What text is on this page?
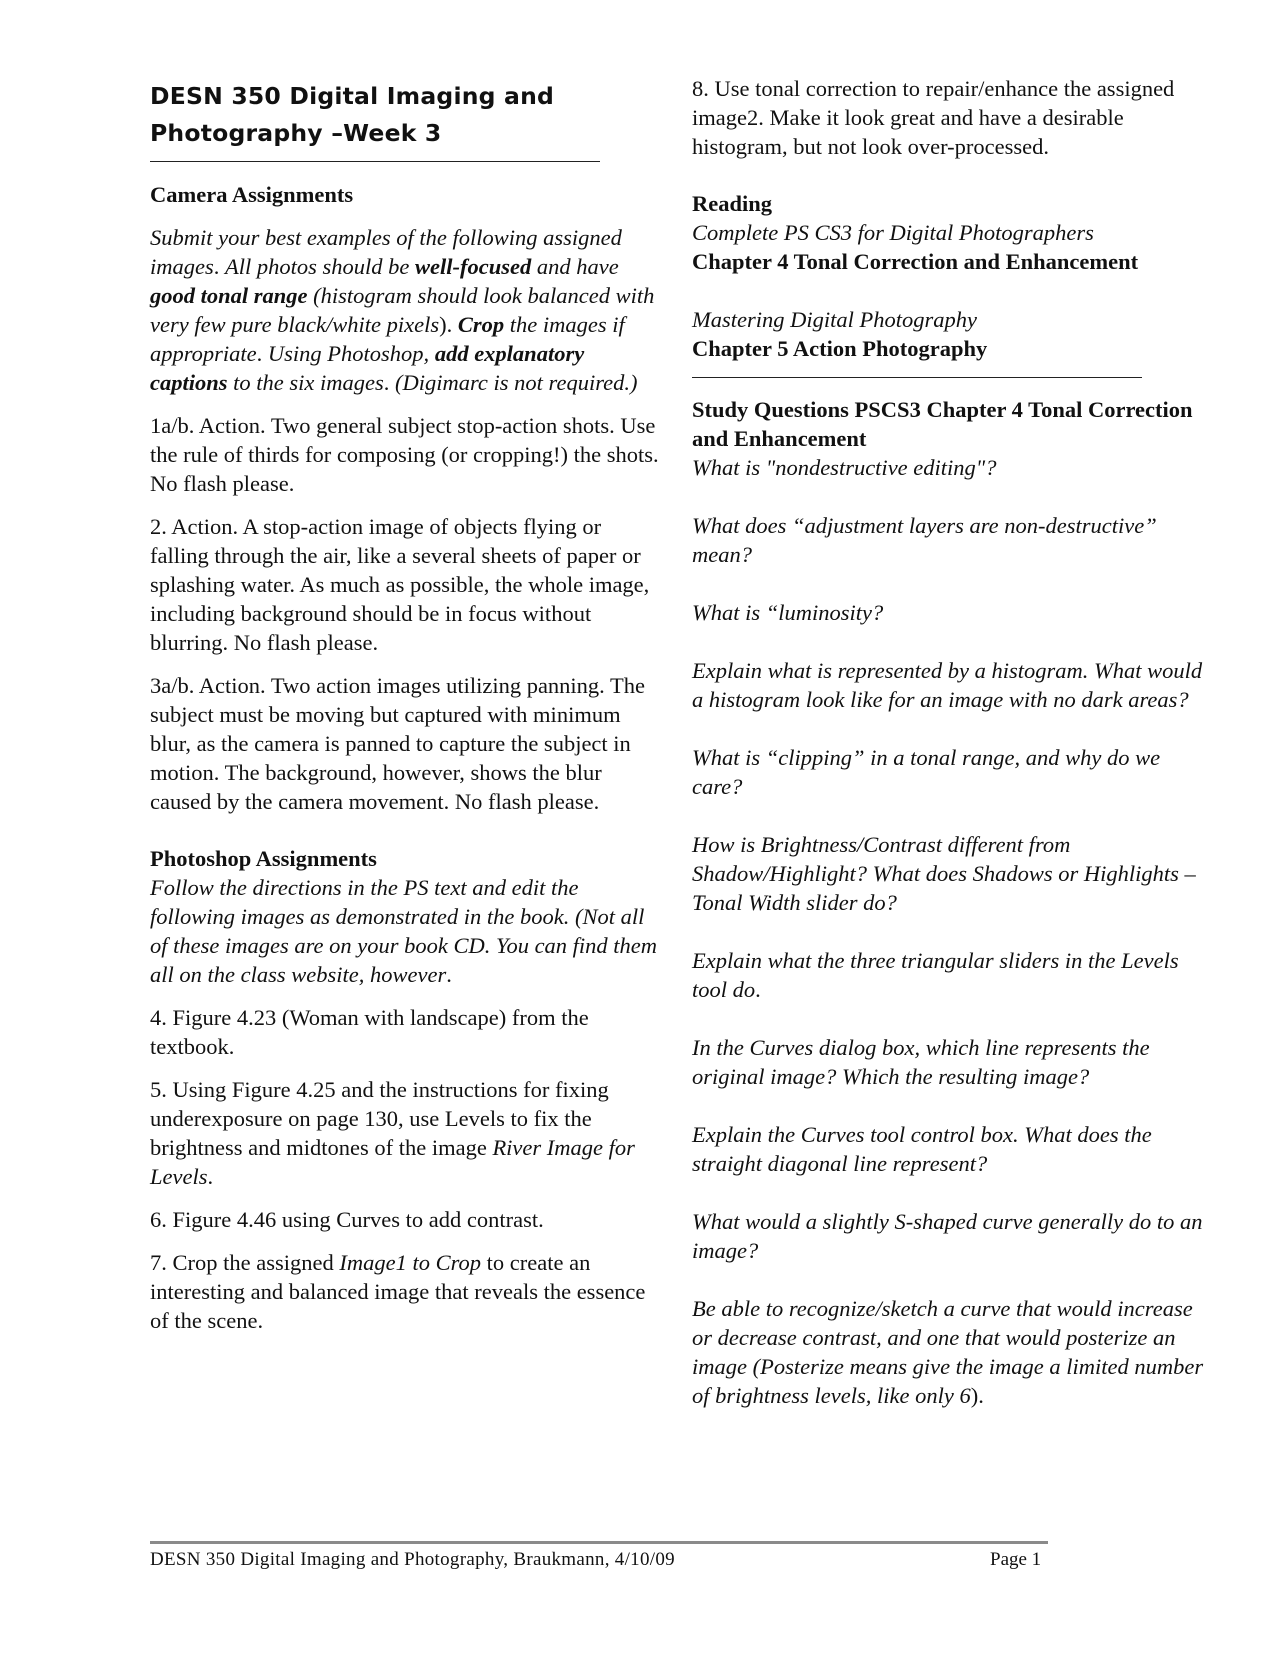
DESN 350 Digital Imaging and
Photography –Week 3
Camera Assignments

Submit your best examples of the following assigned images. All photos should be well-focused and have good tonal range (histogram should look balanced with very few pure black/white pixels). Crop the images if appropriate. Using Photoshop, add explanatory captions to the six images. (Digimarc is not required.)

1a/b. Action. Two general subject stop-action shots. Use the rule of thirds for composing (or cropping!) the shots. No flash please.

2. Action. A stop-action image of objects flying or falling through the air, like a several sheets of paper or splashing water. As much as possible, the whole image, including background should be in focus without blurring. No flash please.

3a/b. Action. Two action images utilizing panning. The subject must be moving but captured with minimum blur, as the camera is panned to capture the subject in motion. The background, however, shows the blur caused by the camera movement. No flash please.

Photoshop Assignments

Follow the directions in the PS text and edit the following images as demonstrated in the book. (Not all of these images are on your book CD. You can find them all on the class website, however.

4. Figure 4.23 (Woman with landscape) from the textbook.

5. Using Figure 4.25 and the instructions for fixing underexposure on page 130, use Levels to fix the brightness and midtones of the image River Image for Levels.

6. Figure 4.46 using Curves to add contrast.

7. Crop the assigned Image1 to Crop to create an interesting and balanced image that reveals the essence of the scene.

8. Use tonal correction to repair/enhance the assigned image2. Make it look great and have a desirable histogram, but not look over-processed.

Reading

Complete PS CS3 for Digital Photographers

Chapter 4 Tonal Correction and Enhancement

Mastering Digital Photography

Chapter 5 Action Photography

Study Questions PSCS3 Chapter 4 Tonal Correction and Enhancement

What is "nondestructive editing"?

What does “adjustment layers are non-destructive” mean?

What is “luminosity?

Explain what is represented by a histogram. What would a histogram look like for an image with no dark areas?

What is “clipping” in a tonal range, and why do we care?

How is Brightness/Contrast different from Shadow/Highlight? What does Shadows or Highlights – Tonal Width slider do?

Explain what the three triangular sliders in the Levels tool do.

In the Curves dialog box, which line represents the original image? Which the resulting image?

Explain the Curves tool control box. What does the straight diagonal line represent?

What would a slightly S-shaped curve generally do to an image?

Be able to recognize/sketch a curve that would increase or decrease contrast, and one that would posterize an image (Posterize means give the image a limited number of brightness levels, like only 6).

DESN 350 Digital Imaging and Photography, Braukmann, 4/10/09	Page 1
